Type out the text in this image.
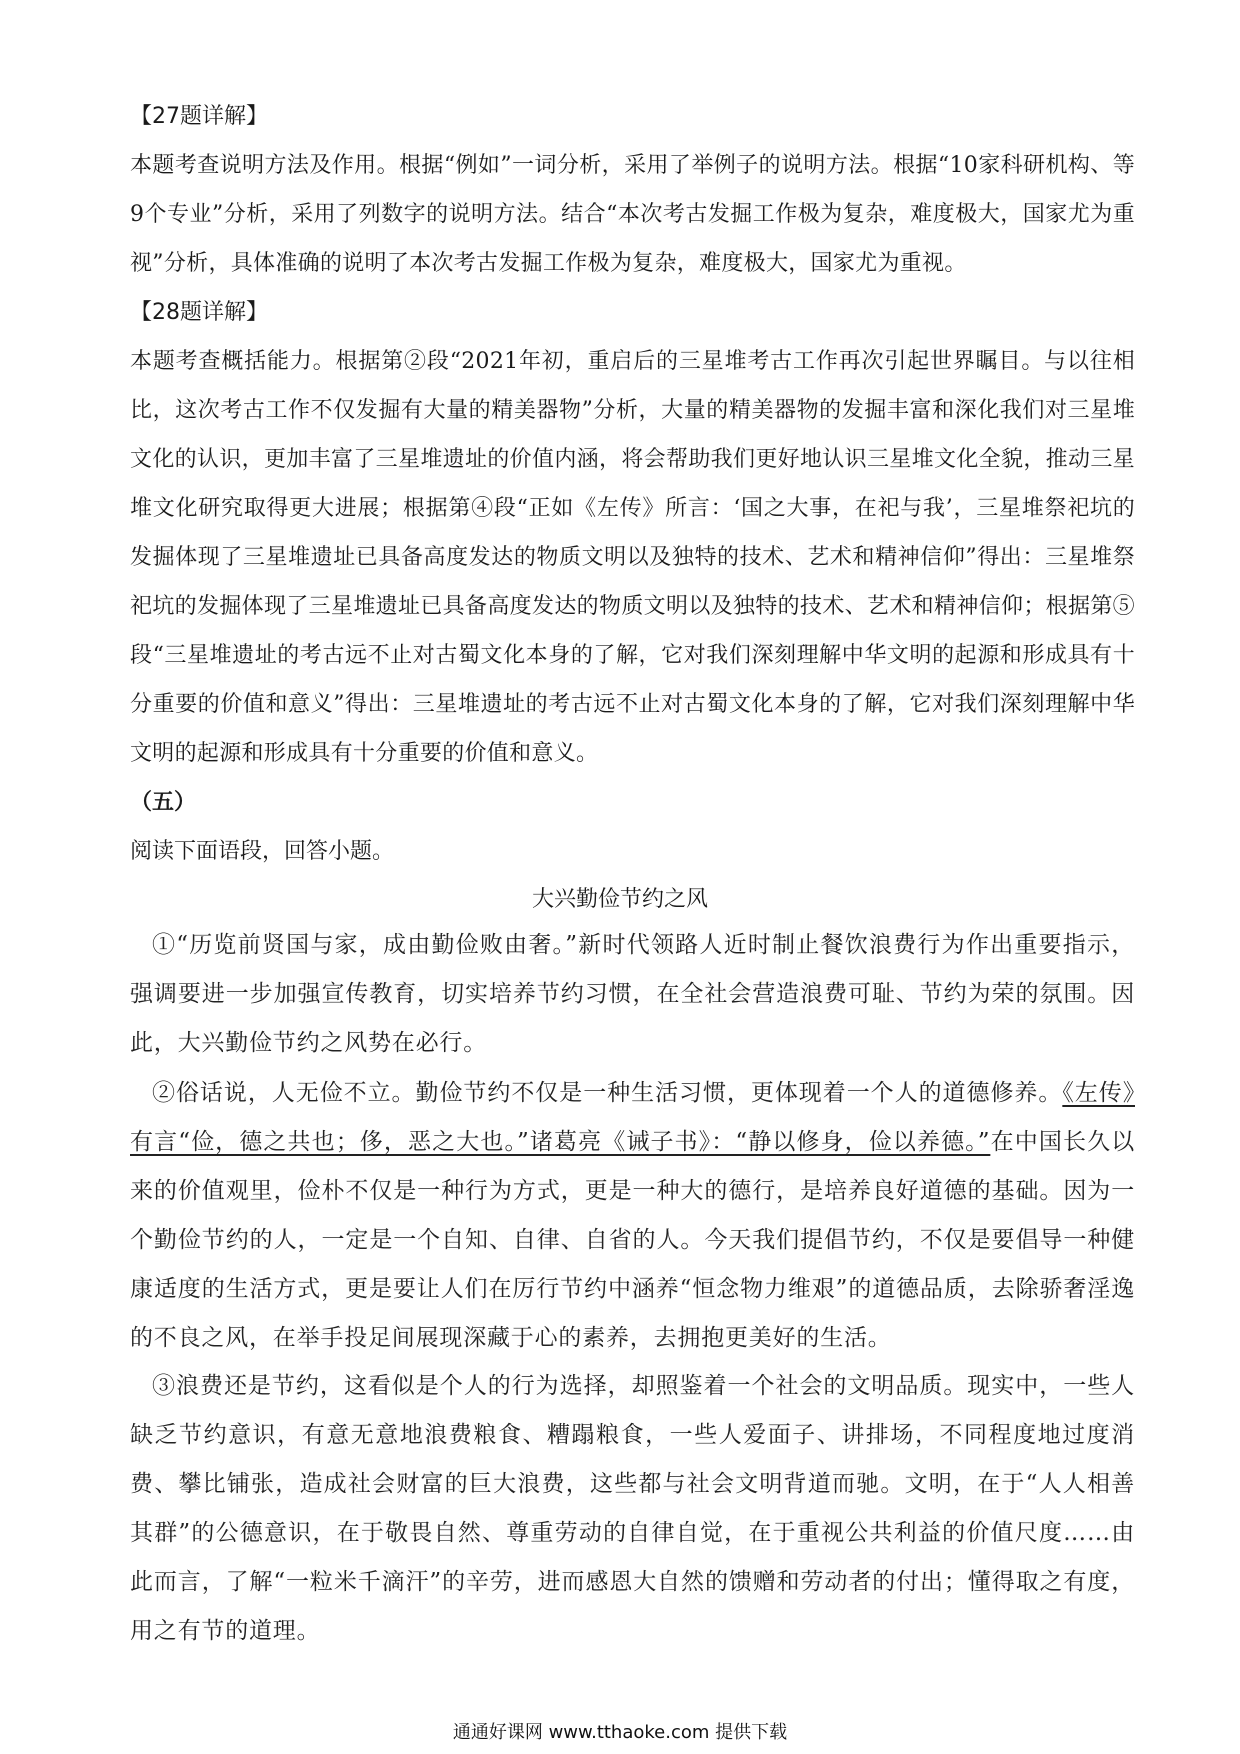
【27题详解】
本题考查说明方法及作用。根据“例如”一词分析，采用了举例子的说明方法。根据“10家科研机构、等9个专业”分析，采用了列数字的说明方法。结合“本次考古发掘工作极为复杂，难度极大，国家尤为重视”分析，具体准确的说明了本次考古发掘工作极为复杂，难度极大，国家尤为重视。
【28题详解】
本题考查概括能力。根据第②段“2021年初，重启后的三星堆考古工作再次引起世界瞩目。与以往相比，这次考古工作不仅发掘有大量的精美器物”分析，大量的精美器物的发掘丰富和深化我们对三星堆文化的认识，更加丰富了三星堆遗址的价值内涵，将会帮助我们更好地认识三星堆文化全貌，推动三星堆文化研究取得更大进展；根据第④段“正如《左传》所言：‘国之大事，在祀与我’，三星堆祭祀坑的发掘体现了三星堆遗址已具备高度发达的物质文明以及独特的技术、艺术和精神信仰”得出：三星堆祭祀坑的发掘体现了三星堆遗址已具备高度发达的物质文明以及独特的技术、艺术和精神信仰；根据第⑤段“三星堆遗址的考古远不止对古蜀文化本身的了解，它对我们深刻理解中华文明的起源和形成具有十分重要的价值和意义”得出：三星堆遗址的考古远不止对古蜀文化本身的了解，它对我们深刻理解中华文明的起源和形成具有十分重要的价值和意义。
（五）
阅读下面语段，回答小题。
大兴勤俭节约之风
①“历览前贤国与家，成由勤俭败由奢。”新时代领路人近时制止餐饮浪费行为作出重要指示，强调要进一步加强宣传教育，切实培养节约习惯，在全社会营造浪费可耻、节约为荣的氛围。因此，大兴勤俭节约之风势在必行。
②俗话说，人无俭不立。勤俭节约不仅是一种生活习惯，更体现着一个人的道德修养。《左传》有言“俭，德之共也；侈，恶之大也。”诸葛亮《诫子书》：“静以修身，俭以养德。”在中国长久以来的价值观里，俭朴不仅是一种行为方式，更是一种大的德行，是培养良好道德的基础。因为一个勤俭节约的人，一定是一个自知、自律、自省的人。今天我们提倡节约，不仅是要倡导一种健康适度的生活方式，更是要让人们在厉行节约中涵养“恒念物力维艰”的道德品质，去除骄奢淫逸的不良之风，在举手投足间展现深藏于心的素养，去拥抱更美好的生活。
③浪费还是节约，这看似是个人的行为选择，却照鉴着一个社会的文明品质。现实中，一些人缺乏节约意识，有意无意地浪费粮食、糟蹋粮食，一些人爱面子、讲排场，不同程度地过度消费、攀比铺张，造成社会财富的巨大浪费，这些都与社会文明背道而驰。文明，在于“人人相善其群”的公德意识，在于敬畏自然、尊重劳动的自律自觉，在于重视公共利益的价值尺度……由此而言，了解“一粒米千滴汗”的辛劳，进而感恩大自然的馈赠和劳动者的付出；懂得取之有度，用之有节的道理。
通通好课网 www.tthaoke.com 提供下载
